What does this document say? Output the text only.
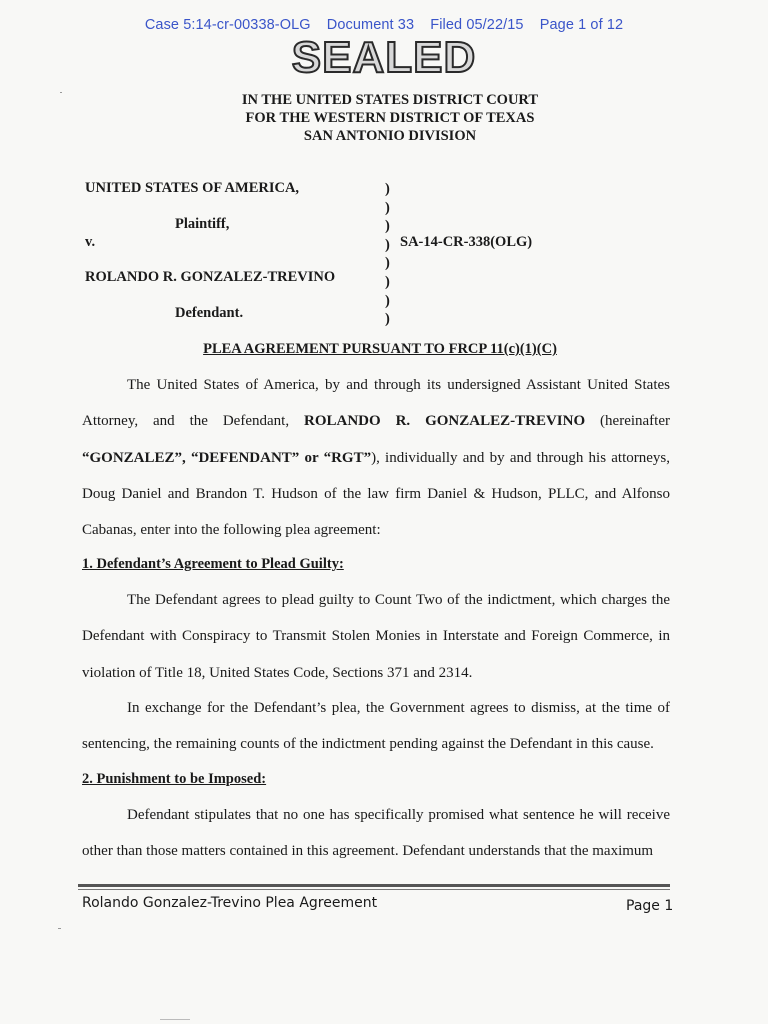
Case 5:14-cr-00338-OLG Document 33 Filed 05/22/15 Page 1 of 12
SEALED
IN THE UNITED STATES DISTRICT COURT
FOR THE WESTERN DISTRICT OF TEXAS
SAN ANTONIO DIVISION
UNITED STATES OF AMERICA,
Plaintiff,
v.
ROLANDO R. GONZALEZ-TREVINO
Defendant.
)
)
)
)
)
)
)
)
SA-14-CR-338(OLG)
PLEA AGREEMENT PURSUANT TO FRCP 11(c)(1)(C)
The United States of America, by and through its undersigned Assistant United States Attorney, and the Defendant, ROLANDO R. GONZALEZ-TREVINO (hereinafter “GONZALEZ”, “DEFENDANT” or “RGT”), individually and by and through his attorneys, Doug Daniel and Brandon T. Hudson of the law firm Daniel & Hudson, PLLC, and Alfonso Cabanas, enter into the following plea agreement:
1. Defendant’s Agreement to Plead Guilty:
The Defendant agrees to plead guilty to Count Two of the indictment, which charges the Defendant with Conspiracy to Transmit Stolen Monies in Interstate and Foreign Commerce, in violation of Title 18, United States Code, Sections 371 and 2314.
In exchange for the Defendant’s plea, the Government agrees to dismiss, at the time of sentencing, the remaining counts of the indictment pending against the Defendant in this cause.
2. Punishment to be Imposed:
Defendant stipulates that no one has specifically promised what sentence he will receive other than those matters contained in this agreement. Defendant understands that the maximum
Rolando Gonzalez-Trevino Plea Agreement	Page 1
